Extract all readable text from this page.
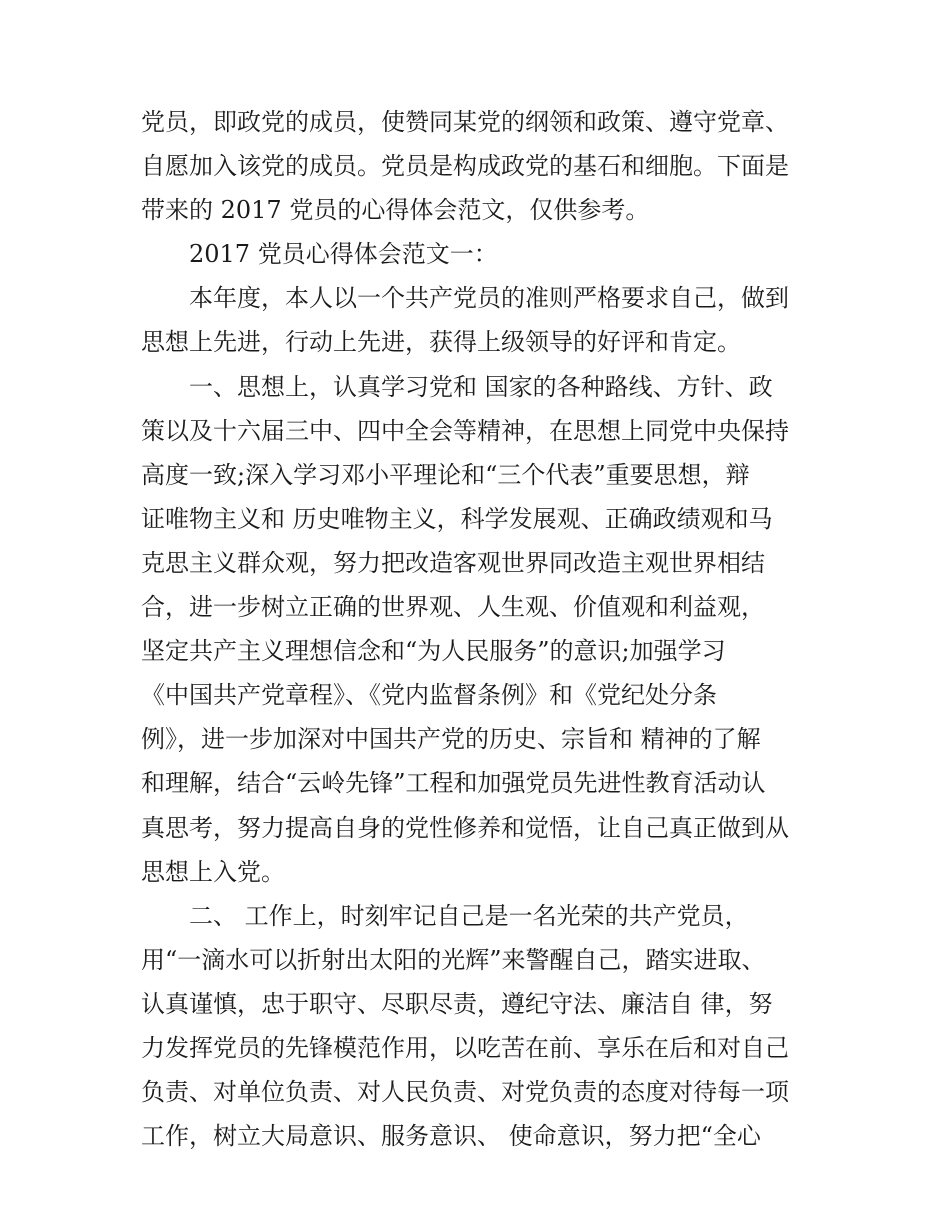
党员，即政党的成员，使赞同某党的纲领和政策、遵守党章、
自愿加入该党的成员。党员是构成政党的基石和细胞。下面是
带来的 2017 党员的心得体会范文，仅供参考。
2017 党员心得体会范文一：
本年度，本人以一个共产党员的准则严格要求自己，做到
思想上先进，行动上先进，获得上级领导的好评和肯定。
一、思想上，认真学习党和 国家的各种路线、方针、政
策以及十六届三中、四中全会等精神，在思想上同党中央保持
高度一致;深入学习邓小平理论和“三个代表”重要思想，辩
证唯物主义和 历史唯物主义，科学发展观、正确政绩观和马
克思主义群众观，努力把改造客观世界同改造主观世界相结
合，进一步树立正确的世界观、人生观、价值观和利益观，
坚定共产主义理想信念和“为人民服务”的意识;加强学习
《中国共产党章程》、《党内监督条例》和《党纪处分条
例》，进一步加深对中国共产党的历史、宗旨和 精神的了解
和理解，结合“云岭先锋”工程和加强党员先进性教育活动认
真思考，努力提高自身的党性修养和觉悟，让自己真正做到从
思想上入党。
二、 工作上，时刻牢记自己是一名光荣的共产党员，
用“一滴水可以折射出太阳的光辉”来警醒自己，踏实进取、
认真谨慎，忠于职守、尽职尽责，遵纪守法、廉洁自 律，努
力发挥党员的先锋模范作用，以吃苦在前、享乐在后和对自己
负责、对单位负责、对人民负责、对党负责的态度对待每一项
工作，树立大局意识、服务意识、 使命意识，努力把“全心
